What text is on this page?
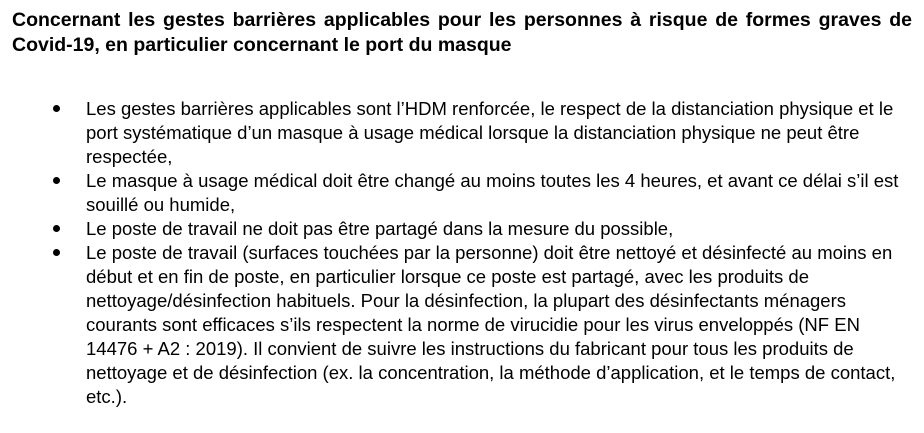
Concernant les gestes barrières applicables pour les personnes à risque de formes graves de Covid-19, en particulier concernant le port du masque
Les gestes barrières applicables sont l’HDM renforcée, le respect de la distanciation physique et le port systématique d’un masque à usage médical lorsque la distanciation physique ne peut être respectée,
Le masque à usage médical doit être changé au moins toutes les 4 heures, et avant ce délai s’il est souillé ou humide,
Le poste de travail ne doit pas être partagé dans la mesure du possible,
Le poste de travail (surfaces touchées par la personne) doit être nettoyé et désinfecté au moins en début et en fin de poste, en particulier lorsque ce poste est partagé, avec les produits de nettoyage/désinfection habituels. Pour la désinfection, la plupart des désinfectants ménagers courants sont efficaces s’ils respectent la norme de virucidie pour les virus enveloppés (NF EN 14476 + A2 : 2019). Il convient de suivre les instructions du fabricant pour tous les produits de nettoyage et de désinfection (ex. la concentration, la méthode d’application, et le temps de contact, etc.).
